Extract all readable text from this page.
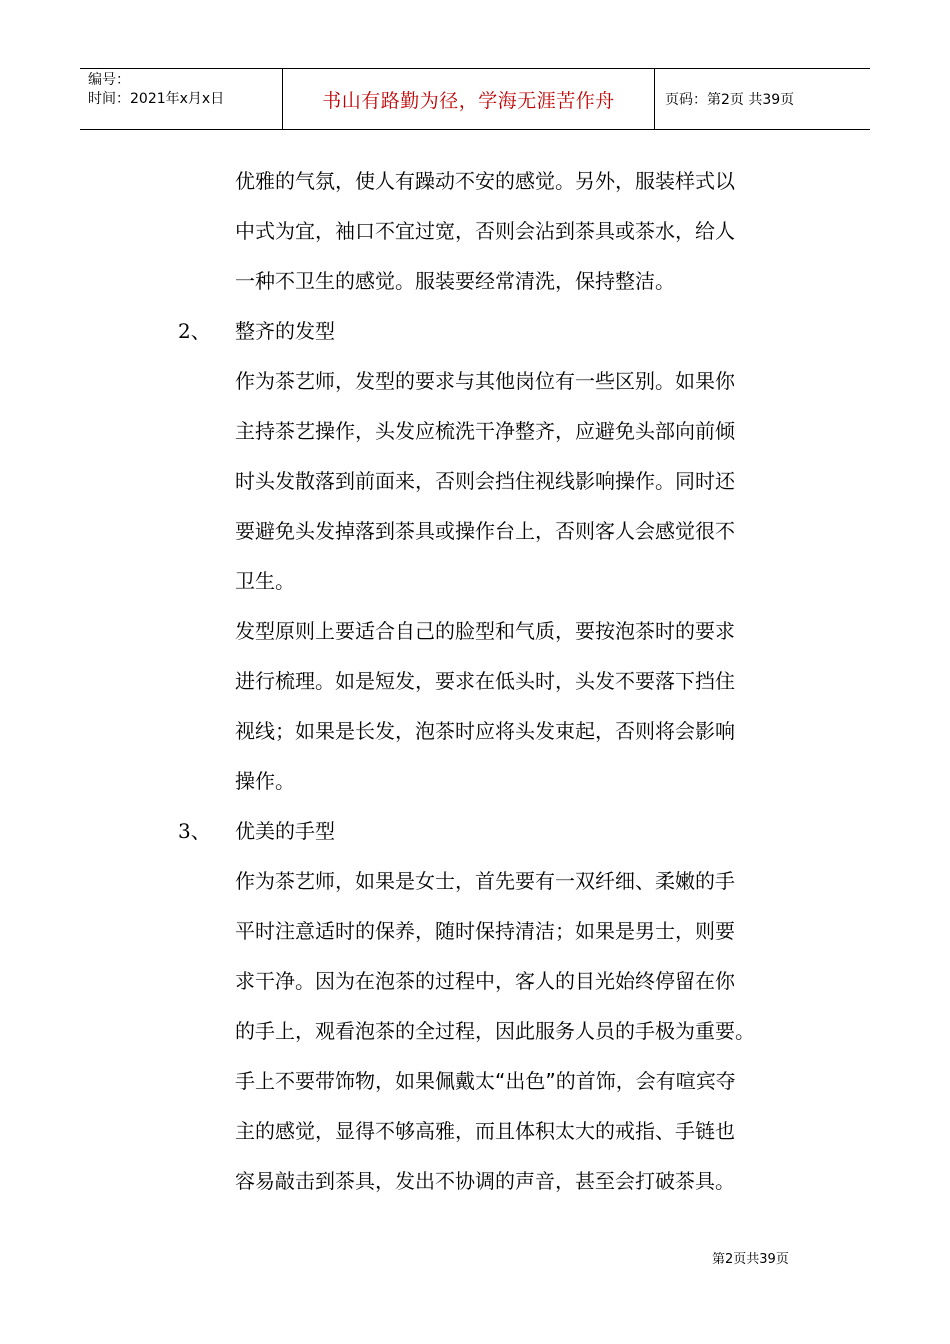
编号：
时间：2021年x月x日	书山有路勤为径，学海无涯苦作舟	页码：第2页 共39页
优雅的气氛，使人有躁动不安的感觉。另外，服装样式以
中式为宜，袖口不宜过宽，否则会沾到茶具或茶水，给人
一种不卫生的感觉。服装要经常清洗，保持整洁。
2、 整齐的发型
作为茶艺师，发型的要求与其他岗位有一些区别。如果你
主持茶艺操作，头发应梳洗干净整齐，应避免头部向前倾
时头发散落到前面来，否则会挡住视线影响操作。同时还
要避免头发掉落到茶具或操作台上，否则客人会感觉很不
卫生。
发型原则上要适合自己的脸型和气质，要按泡茶时的要求
进行梳理。如是短发，要求在低头时，头发不要落下挡住
视线；如果是长发，泡茶时应将头发束起，否则将会影响
操作。
3、 优美的手型
作为茶艺师，如果是女士，首先要有一双纤细、柔嫩的手
平时注意适时的保养，随时保持清洁；如果是男士，则要
求干净。因为在泡茶的过程中，客人的目光始终停留在你
的手上，观看泡茶的全过程，因此服务人员的手极为重要。
手上不要带饰物，如果佩戴太“出色”的首饰，会有喧宾夺
主的感觉，显得不够高雅，而且体积太大的戒指、手链也
容易敲击到茶具，发出不协调的声音，甚至会打破茶具。
第2页共39页
